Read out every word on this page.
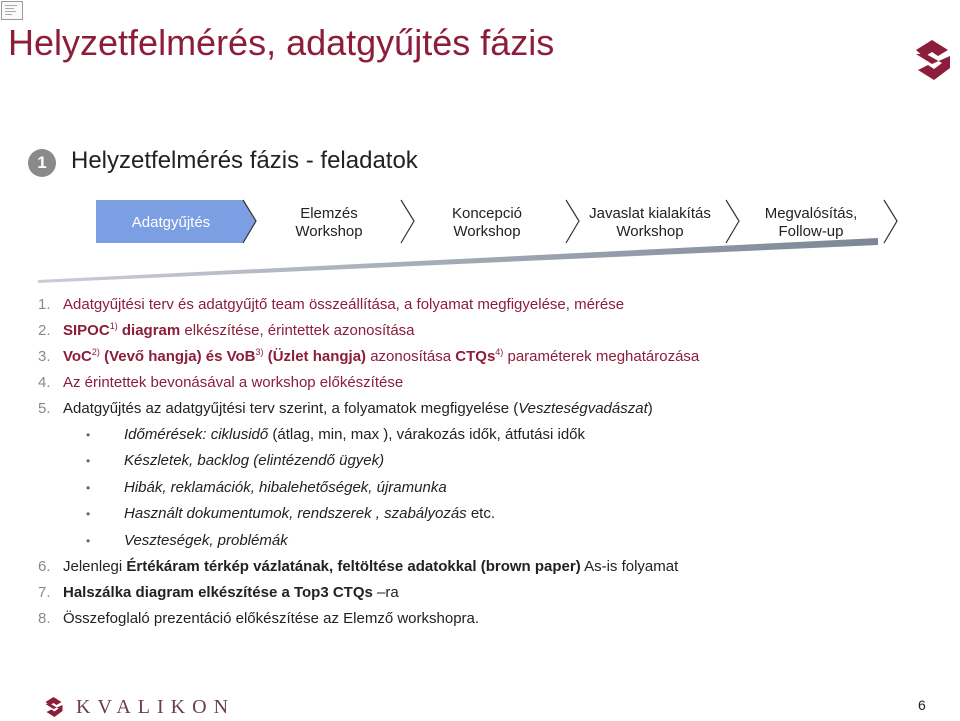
Helyzetfelmérés, adatgyűjtés fázis
1	Helyzetfelmérés fázis - feladatok
Adatgyűjtés
Elemzés
Workshop
Koncepció
Workshop
Javaslat kialakítás
Workshop
Megvalósítás,
Follow-up
1. Adatgyűjtési terv és adatgyűjtő team összeállítása, a folyamat megfigyelése, mérése
2. SIPOC$^{1)}$ diagram elkészítése, érintettek azonosítása
3. VoC$^{2)}$ (Vevő hangja) és VoB$^{3)}$ (Üzlet hangja) azonosítása CTQs$^{4)}$ paraméterek meghatározása
4. Az érintettek bevonásával a workshop előkészítése
5. Adatgyűjtés az adatgyűjtési terv szerint, a folyamatok megfigyelése (Veszteségvadászat)
• Időmérések: ciklusidő (átlag, min, max ), várakozás idők, átfutási idők
• Készletek, backlog (elintézendő ügyek)
• Hibák, reklamációk, hibalehetőségek, újramunka
• Használt dokumentumok, rendszerek , szabályozás etc.
• Veszteségek, problémák
6. Jelenlegi Értékáram térkép vázlatának, feltöltése adatokkal (brown paper) As-is folyamat
7. Halszálka diagram elkészítése a Top3 CTQs –ra
8. Összefoglaló prezentáció előkészítése az Elemző workshopra.
KVALIKON	6
